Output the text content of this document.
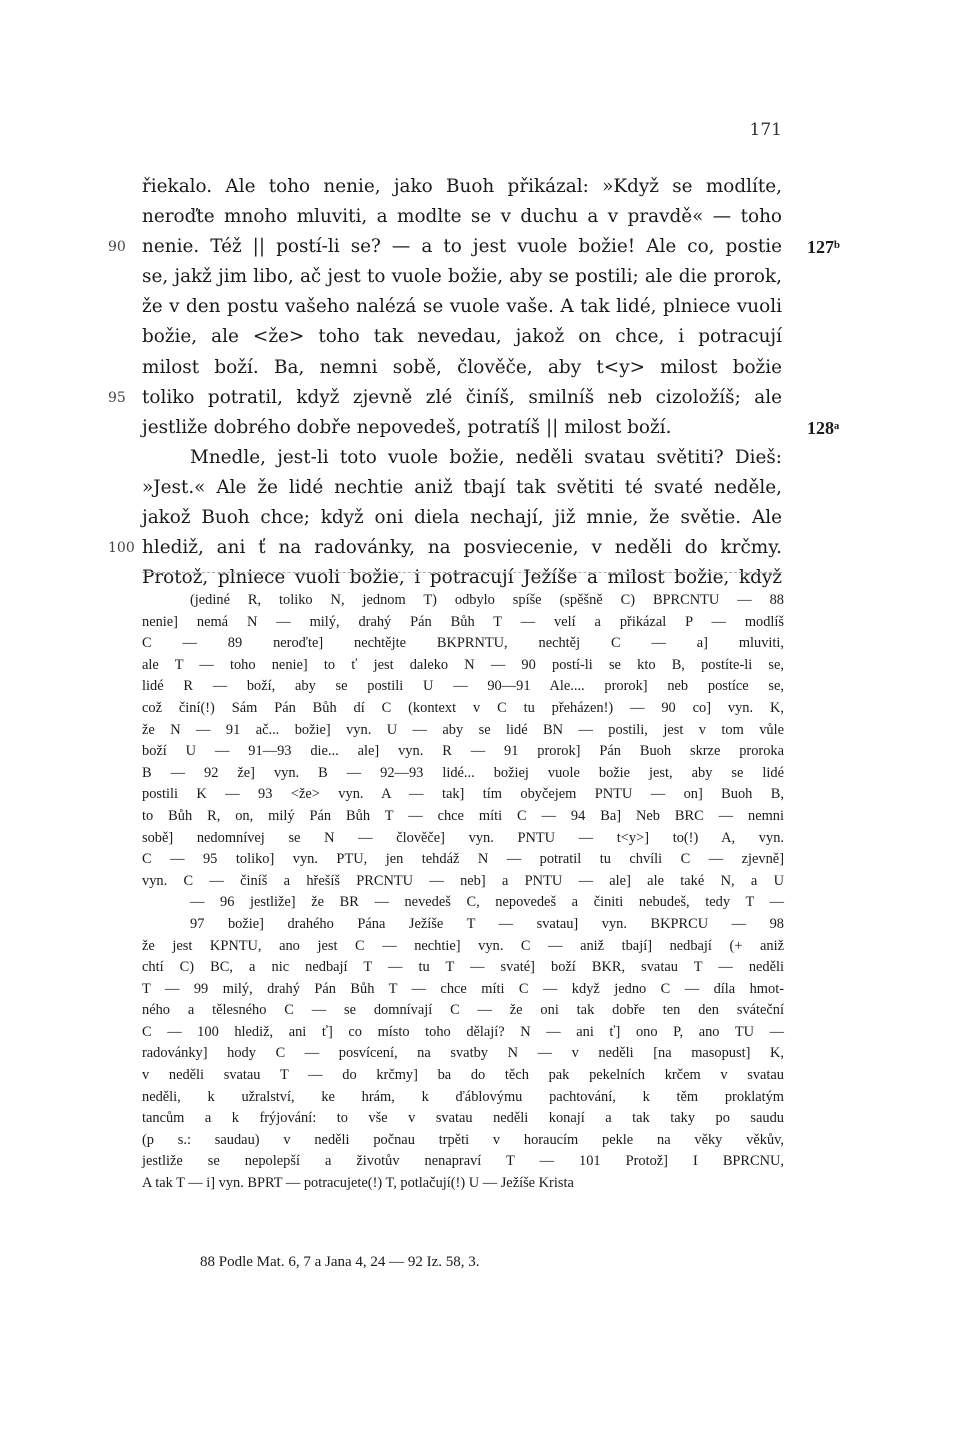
171
řiekalo. Ale toho nenie, jako Buoh přikázal: »Když se modlíte,
neroďte mnoho mluviti, a modlte se v duchu a v pravdě« — toho
90 nenie. Též || postí-li se? — a to jest vuole božie! Ale co, postie 127ᵇ
se, jakž jim libo, ač jest to vuole božie, aby se postili; ale die prorok,
že v den postu vašeho nalézá se vuole vaše. A tak lidé, plniece vuoli
božie, ale <že> toho tak nevedau, jakož on chce, i potracují
milost boží. Ba, nemni sobě, člověče, aby t<y> milost božie
95 toliko potratil, když zjevně zlé činíš, smilníš neb cizoložíš; ale
jestliže dobrého dobře nepovedeš, potratíš || milost boží.	128ᵃ
Mnedle, jest-li toto vuole božie, neděli svatau světiti? Dieš:
»Jest.« Ale že lidé nechtie aniž tbají tak světiti té svaté neděle,
jakož Buoh chce; když oni diela nechají, již mnie, že světie. Ale
100 hlediž, ani ť na radovánky, na posviecenie, v neděli do krčmy.
Protož, plniece vuoli božie, i potracují Ježíše a milost božie, když
(jediné R, toliko N, jednom T) odbylo spíše (spěšně C) BPRCNTU — 88
nenie] nemá N — milý, drahý Pán Bůh T — velí a přikázal P — modlíš
C — 89 neroďte] nechtějte BKPRNTU, nechtěj C — a] mluviti,
ale T — toho nenie] to ť jest daleko N — 90 postí-li se kto B, postíte-li se,
lidé R — boží, aby se postili U — 90—91 Ale.... prorok] neb postíce se,
což činí(!) Sám Pán Bůh dí C (kontext v C tu přeházen!) — 90 co] vyn. K,
že N — 91 ač... božie] vyn. U — aby se lidé BN — postili, jest v tom vůle
boží U — 91—93 die... ale] vyn. R — 91 prorok] Pán Buoh skrze proroka
B — 92 že] vyn. B — 92—93 lidé... božiej vuole božie jest, aby se lidé
postili K — 93 <že> vyn. A — tak] tím obyčejem PNTU — on] Buoh B,
to Bůh R, on, milý Pán Bůh T — chce míti C — 94 Ba] Neb BRC — nemni
sobě] nedomnívej se N — člověče] vyn. PNTU — t<y>] to(!) A, vyn.
C — 95 toliko] vyn. PTU, jen tehdáž N — potratil tu chvíli C — zjevně]
vyn. C — činíš a hřešíš PRCNTU — neb] a PNTU — ale] ale také N, a U
— 96 jestliže] že BR — nevedeš C, nepovedeš a činiti nebudeš, tedy T —
97 božie] drahého Pána Ježíše T — svatau] vyn. BKPRCU — 98
že jest KPNTU, ano jest C — nechtie] vyn. C — aniž tbají] nedbají (+ aniž
chtí C) BC, a nic nedbají T — tu T — svaté] boží BKR, svatau T — neděli
T — 99 milý, drahý Pán Bůh T — chce míti C — když jedno C — díla hmot-
ného a tělesného C — se domnívají C — že oni tak dobře ten den sváteční
C — 100 hlediž, ani ť] co místo toho dělají? N — ani ť] ono P, ano TU —
radovánky] hody C — posvícení, na svatby N — v neděli [na masopust] K,
v neděli svatau T — do krčmy] ba do těch pak pekelních krčem v svatau
neděli, k užralství, ke hrám, k ďáblovýmu pachtování, k těm proklatým
tancům a k frýjování: to vše v svatau neděli konají a tak taky po saudu
(p s.: saudau) v neděli počnau trpěti v horaucím pekle na věky věkův,
jestliže se nepolepší a životův nenapraví T — 101 Protož] I BPRCNU,
A tak T — i] vyn. BPRT — potracujete(!) T, potlačují(!) U — Ježíše Krista
88 Podle Mat. 6, 7 a Jana 4, 24 — 92 Iz. 58, 3.
